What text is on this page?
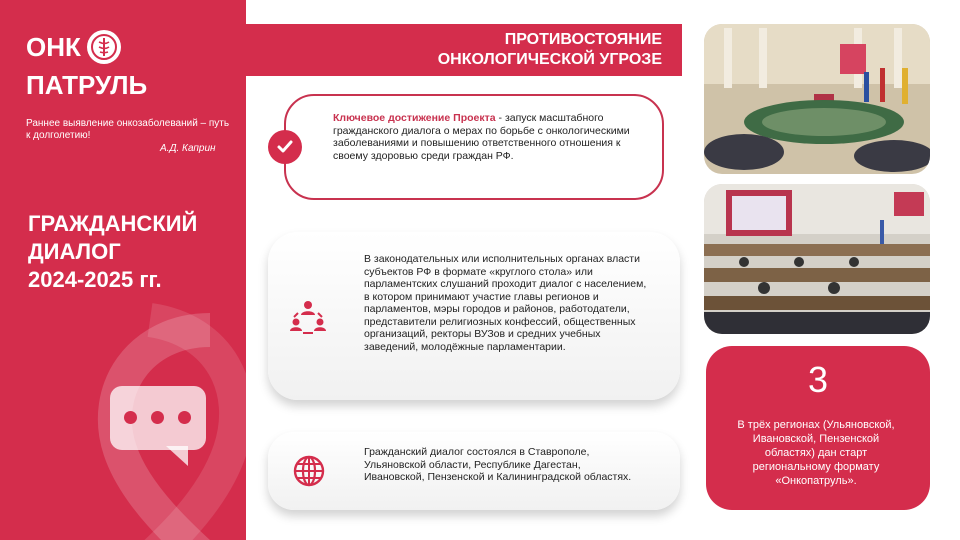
ОНК
ПАТРУЛЬ
Раннее выявление онкозаболеваний – путь к долголетию!
А.Д. Каприн
ГРАЖДАНСКИЙ
ДИАЛОГ
2024-2025 гг.
ПРОТИВОСТОЯНИЕ
ОНКОЛОГИЧЕСКОЙ УГРОЗЕ
Ключевое достижение Проекта - запуск масштабного гражданского диалога о мерах по борьбе с онкологическими заболеваниями и повышению ответственного отношения к своему здоровью среди граждан РФ.
В законодательных или исполнительных органах власти субъектов РФ в формате «круглого стола» или парламентских слушаний проходит диалог с населением, в котором принимают участие главы регионов и парламентов, мэры городов и районов, работодатели, представители религиозных конфессий, общественных организаций, ректоры ВУЗов и средних учебных заведений, молодёжные парламентарии.
Гражданский диалог состоялся в Ставрополе, Ульяновской области, Республике Дагестан, Ивановской, Пензенской и Калининградской областях.
3
В трёх регионах (Ульяновской, Ивановской, Пензенской областях) дан старт региональному формату «Онкопатруль».
